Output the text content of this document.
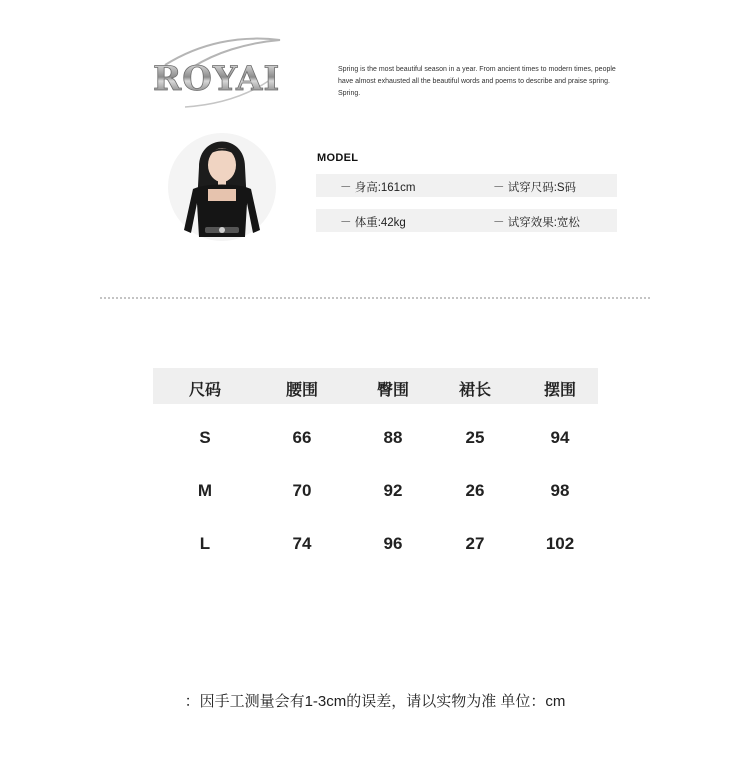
ROYAI	Spring is the most beautiful season in a year. From ancient times to modern times, people have almost exhausted all the beautiful words and poems to describe and praise spring. Spring.
MODEL
－ 身高:161cm	－ 试穿尺码:S码
－ 体重:42kg	－ 试穿效果:宽松
尺码	腰围	臀围	裙长	摆围
S	66	88	25	94
M	70	92	26	98
L	74	96	27	102
：因手工测量会有1-3cm的误差，请以实物为准 单位：cm
